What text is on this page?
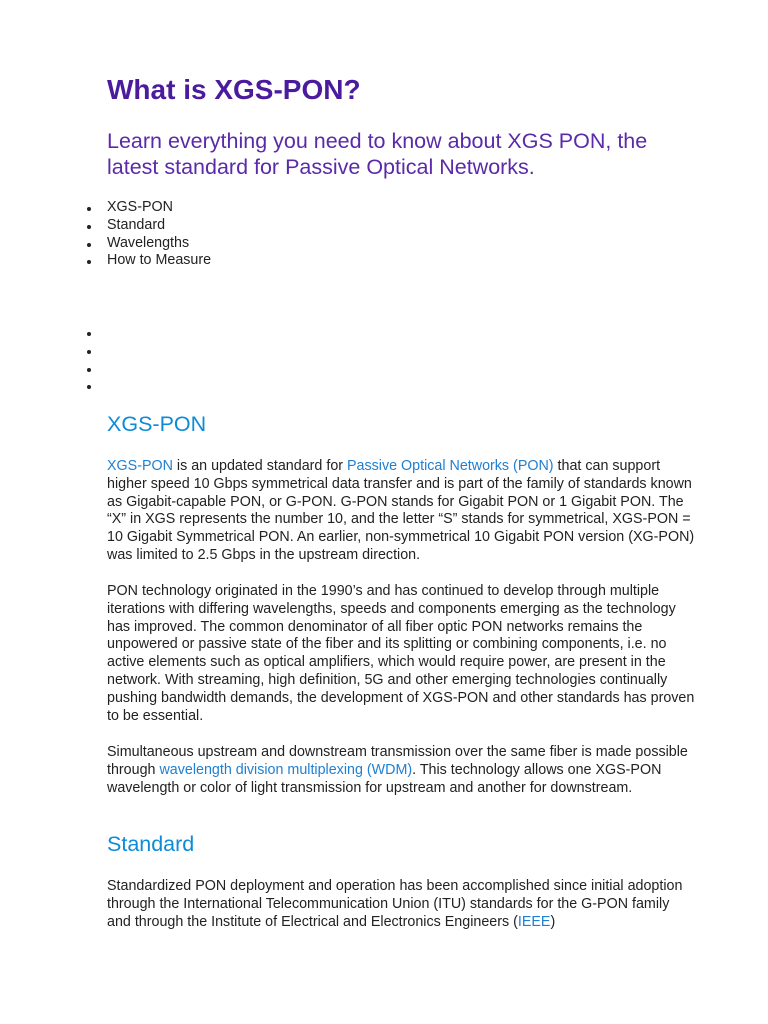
What is XGS-PON?

Learn everything you need to know about XGS PON, the latest standard for Passive Optical Networks.

XGS-PON
Standard
Wavelengths
How to Measure
XGS-PON

XGS-PON is an updated standard for Passive Optical Networks (PON) that can support higher speed 10 Gbps symmetrical data transfer and is part of the family of standards known as Gigabit-capable PON, or G-PON. G-PON stands for Gigabit PON or 1 Gigabit PON. The “X” in XGS represents the number 10, and the letter “S” stands for symmetrical, XGS-PON = 10 Gigabit Symmetrical PON. An earlier, non-symmetrical 10 Gigabit PON version (XG-PON) was limited to 2.5 Gbps in the upstream direction.

PON technology originated in the 1990’s and has continued to develop through multiple iterations with differing wavelengths, speeds and components emerging as the technology has improved. The common denominator of all fiber optic PON networks remains the unpowered or passive state of the fiber and its splitting or combining components, i.e. no active elements such as optical amplifiers, which would require power, are present in the network. With streaming, high definition, 5G and other emerging technologies continually pushing bandwidth demands, the development of XGS-PON and other standards has proven to be essential.

Simultaneous upstream and downstream transmission over the same fiber is made possible through wavelength division multiplexing (WDM). This technology allows one XGS-PON wavelength or color of light transmission for upstream and another for downstream.

Standard

Standardized PON deployment and operation has been accomplished since initial adoption through the International Telecommunication Union (ITU) standards for the G-PON family and through the Institute of Electrical and Electronics Engineers (IEEE)
